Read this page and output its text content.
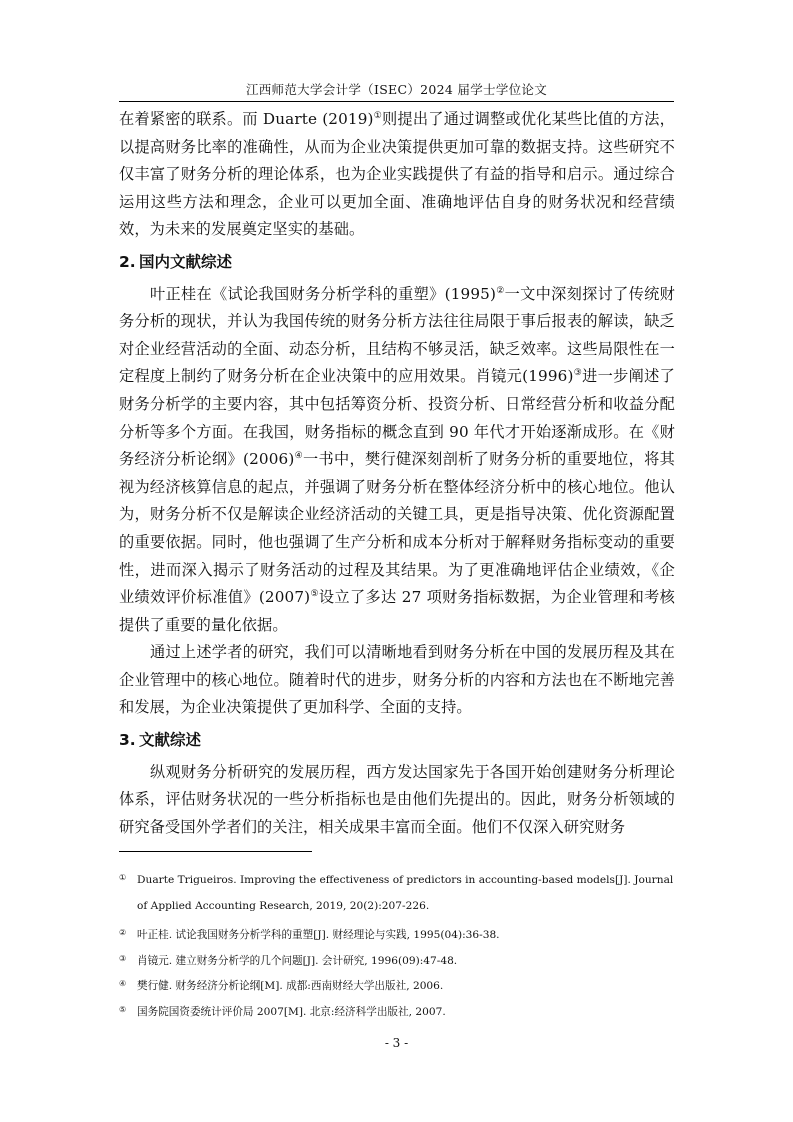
江西师范大学会计学（ISEC）2024 届学士学位论文

在着紧密的联系。而 Duarte (2019)①则提出了通过调整或优化某些比值的方法，以提高财务比率的准确性，从而为企业决策提供更加可靠的数据支持。这些研究不仅丰富了财务分析的理论体系，也为企业实践提供了有益的指导和启示。通过综合运用这些方法和理念，企业可以更加全面、准确地评估自身的财务状况和经营绩效，为未来的发展奠定坚实的基础。

2. 国内文献综述

叶正桂在《试论我国财务分析学科的重塑》(1995)②一文中深刻探讨了传统财务分析的现状，并认为我国传统的财务分析方法往往局限于事后报表的解读，缺乏对企业经营活动的全面、动态分析，且结构不够灵活，缺乏效率。这些局限性在一定程度上制约了财务分析在企业决策中的应用效果。肖镜元(1996)③进一步阐述了财务分析学的主要内容，其中包括筹资分析、投资分析、日常经营分析和收益分配分析等多个方面。在我国，财务指标的概念直到 90 年代才开始逐渐成形。在《财务经济分析论纲》(2006)④一书中，樊行健深刻剖析了财务分析的重要地位，将其视为经济核算信息的起点，并强调了财务分析在整体经济分析中的核心地位。他认为，财务分析不仅是解读企业经济活动的关键工具，更是指导决策、优化资源配置的重要依据。同时，他也强调了生产分析和成本分析对于解释财务指标变动的重要性，进而深入揭示了财务活动的过程及其结果。为了更准确地评估企业绩效，《企业绩效评价标准值》(2007)⑤设立了多达 27 项财务指标数据，为企业管理和考核提供了重要的量化依据。

通过上述学者的研究，我们可以清晰地看到财务分析在中国的发展历程及其在企业管理中的核心地位。随着时代的进步，财务分析的内容和方法也在不断地完善和发展，为企业决策提供了更加科学、全面的支持。

3. 文献综述

纵观财务分析研究的发展历程，西方发达国家先于各国开始创建财务分析理论体系，评估财务状况的一些分析指标也是由他们先提出的。因此，财务分析领域的研究备受国外学者们的关注，相关成果丰富而全面。他们不仅深入研究财务

① Duarte Trigueiros. Improving the effectiveness of predictors in accounting-based models[J]. Journal of Applied Accounting Research, 2019, 20(2):207-226.
② 叶正桂. 试论我国财务分析学科的重塑[J]. 财经理论与实践, 1995(04):36-38.
③ 肖镜元. 建立财务分析学的几个问题[J]. 会计研究, 1996(09):47-48.
④ 樊行健. 财务经济分析论纲[M]. 成都:西南财经大学出版社, 2006.
⑤ 国务院国资委统计评价局 2007[M]. 北京:经济科学出版社, 2007.
- 3 -
